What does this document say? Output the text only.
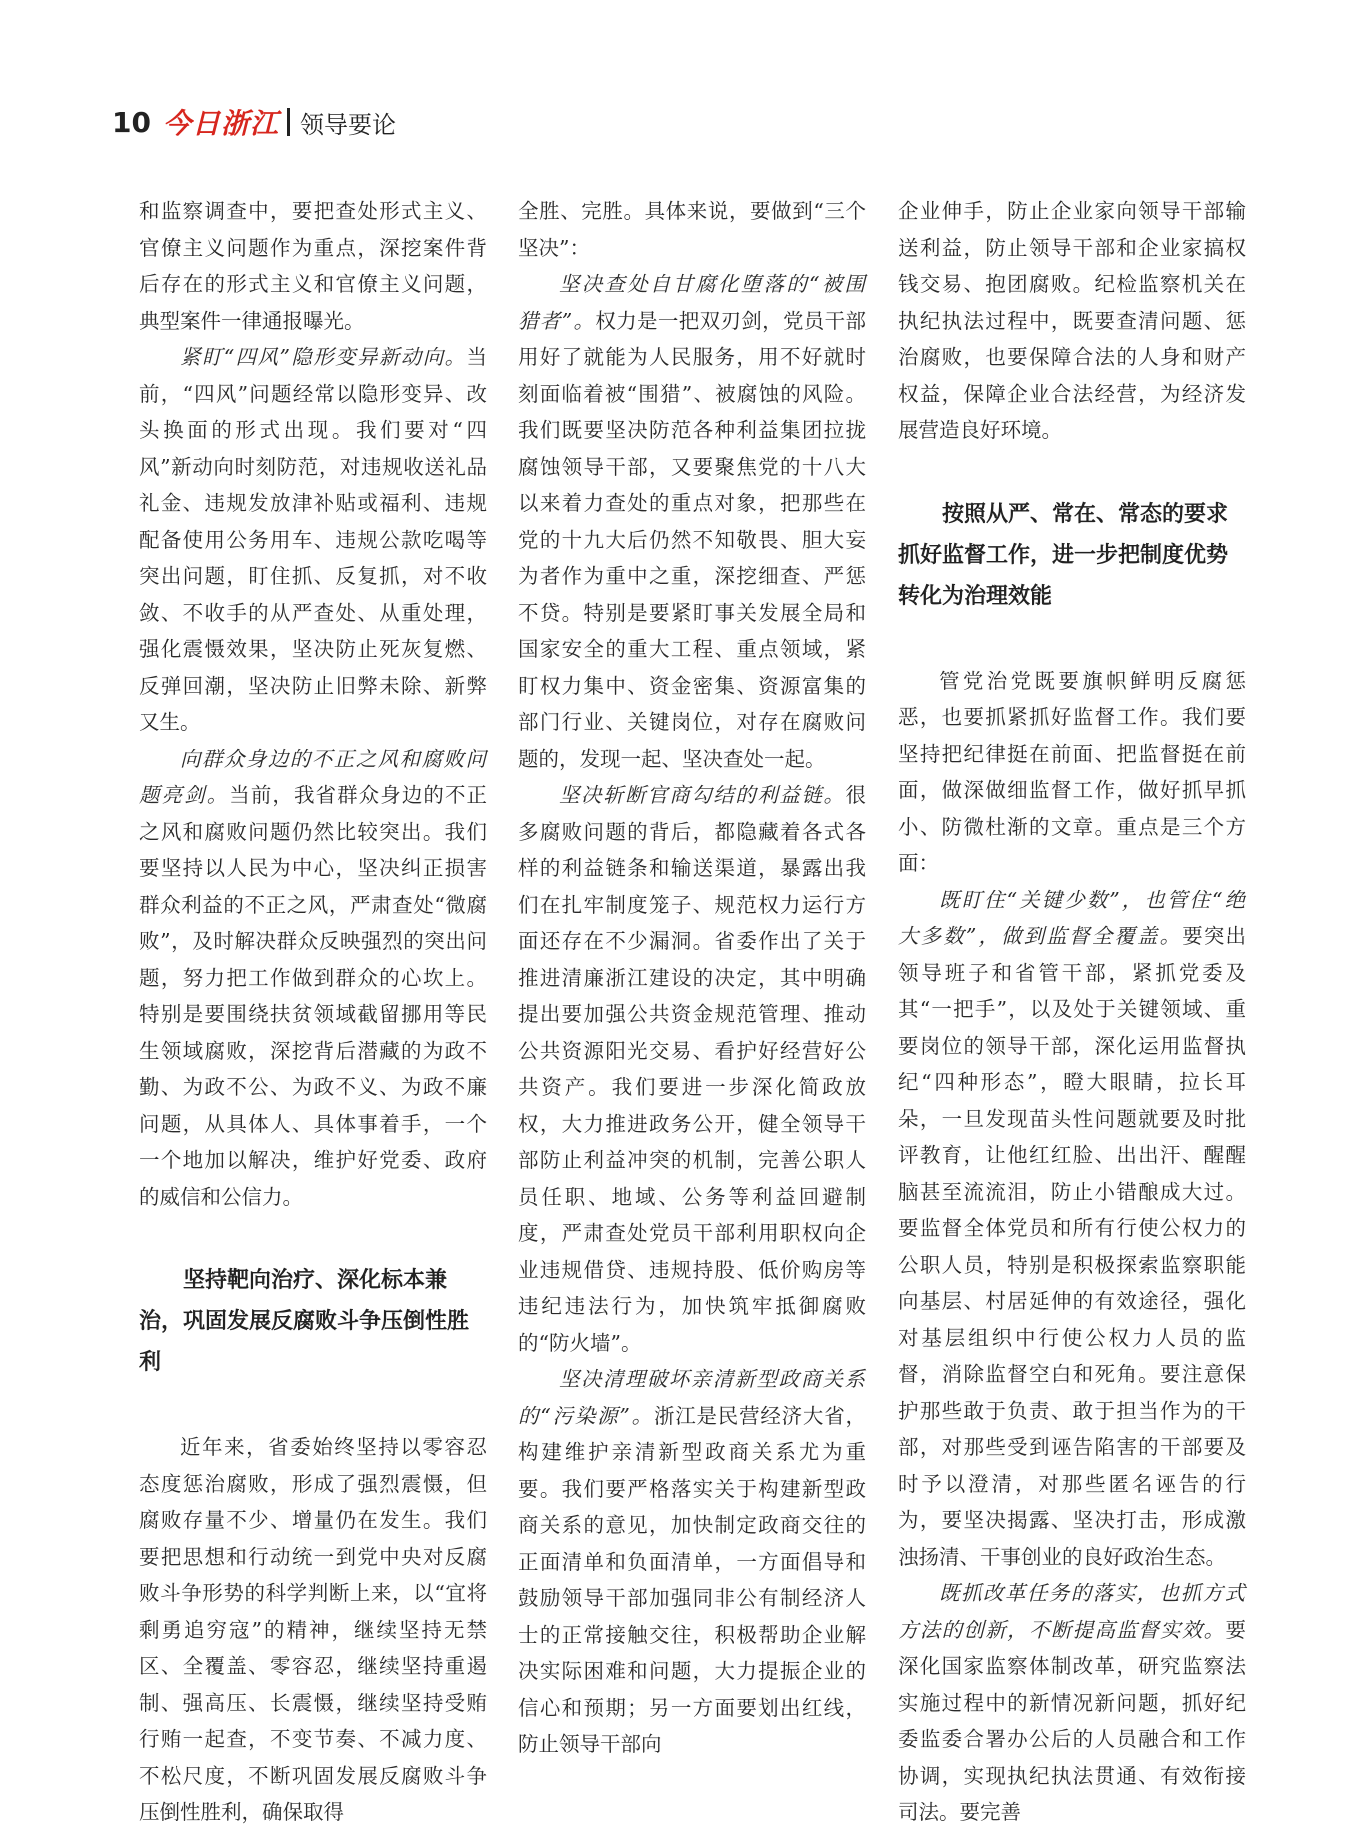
10 今日浙江 领导要论

和监察调查中，要把查处形式主义、官僚主义问题作为重点，深挖案件背后存在的形式主义和官僚主义问题，典型案件一律通报曝光。

紧盯“四风”隐形变异新动向。当前，“四风”问题经常以隐形变异、改头换面的形式出现。我们要对“四风”新动向时刻防范，对违规收送礼品礼金、违规发放津补贴或福利、违规配备使用公务用车、违规公款吃喝等突出问题，盯住抓、反复抓，对不收敛、不收手的从严查处、从重处理，强化震慑效果，坚决防止死灰复燃、反弹回潮，坚决防止旧弊未除、新弊又生。

向群众身边的不正之风和腐败问题亮剑。当前，我省群众身边的不正之风和腐败问题仍然比较突出。我们要坚持以人民为中心，坚决纠正损害群众利益的不正之风，严肃查处“微腐败”，及时解决群众反映强烈的突出问题，努力把工作做到群众的心坎上。特别是要围绕扶贫领域截留挪用等民生领域腐败，深挖背后潜藏的为政不勤、为政不公、为政不义、为政不廉问题，从具体人、具体事着手，一个一个地加以解决，维护好党委、政府的威信和公信力。

坚持靶向治疗、深化标本兼治，巩固发展反腐败斗争压倒性胜利

近年来，省委始终坚持以零容忍态度惩治腐败，形成了强烈震慑，但腐败存量不少、增量仍在发生。我们要把思想和行动统一到党中央对反腐败斗争形势的科学判断上来，以“宜将剩勇追穷寇”的精神，继续坚持无禁区、全覆盖、零容忍，继续坚持重遏制、强高压、长震慑，继续坚持受贿行贿一起查，不变节奏、不减力度、不松尺度，不断巩固发展反腐败斗争压倒性胜利，确保取得

全胜、完胜。具体来说，要做到“三个坚决”：

坚决查处自甘腐化堕落的“被围猎者”。权力是一把双刃剑，党员干部用好了就能为人民服务，用不好就时刻面临着被“围猎”、被腐蚀的风险。我们既要坚决防范各种利益集团拉拢腐蚀领导干部，又要聚焦党的十八大以来着力查处的重点对象，把那些在党的十九大后仍然不知敬畏、胆大妄为者作为重中之重，深挖细查、严惩不贷。特别是要紧盯事关发展全局和国家安全的重大工程、重点领域，紧盯权力集中、资金密集、资源富集的部门行业、关键岗位，对存在腐败问题的，发现一起、坚决查处一起。

坚决斩断官商勾结的利益链。很多腐败问题的背后，都隐藏着各式各样的利益链条和输送渠道，暴露出我们在扎牢制度笼子、规范权力运行方面还存在不少漏洞。省委作出了关于推进清廉浙江建设的决定，其中明确提出要加强公共资金规范管理、推动公共资源阳光交易、看护好经营好公共资产。我们要进一步深化简政放权，大力推进政务公开，健全领导干部防止利益冲突的机制，完善公职人员任职、地域、公务等利益回避制度，严肃查处党员干部利用职权向企业违规借贷、违规持股、低价购房等违纪违法行为，加快筑牢抵御腐败的“防火墙”。

坚决清理破坏亲清新型政商关系的“污染源”。浙江是民营经济大省，构建维护亲清新型政商关系尤为重要。我们要严格落实关于构建新型政商关系的意见，加快制定政商交往的正面清单和负面清单，一方面倡导和鼓励领导干部加强同非公有制经济人士的正常接触交往，积极帮助企业解决实际困难和问题，大力提振企业的信心和预期；另一方面要划出红线，防止领导干部向

企业伸手，防止企业家向领导干部输送利益，防止领导干部和企业家搞权钱交易、抱团腐败。纪检监察机关在执纪执法过程中，既要查清问题、惩治腐败，也要保障合法的人身和财产权益，保障企业合法经营，为经济发展营造良好环境。

按照从严、常在、常态的要求抓好监督工作，进一步把制度优势转化为治理效能

管党治党既要旗帜鲜明反腐惩恶，也要抓紧抓好监督工作。我们要坚持把纪律挺在前面、把监督挺在前面，做深做细监督工作，做好抓早抓小、防微杜渐的文章。重点是三个方面：

既盯住“关键少数”，也管住“绝大多数”，做到监督全覆盖。要突出领导班子和省管干部，紧抓党委及其“一把手”，以及处于关键领域、重要岗位的领导干部，深化运用监督执纪“四种形态”，瞪大眼睛，拉长耳朵，一旦发现苗头性问题就要及时批评教育，让他红红脸、出出汗、醒醒脑甚至流流泪，防止小错酿成大过。要监督全体党员和所有行使公权力的公职人员，特别是积极探索监察职能向基层、村居延伸的有效途径，强化对基层组织中行使公权力人员的监督，消除监督空白和死角。要注意保护那些敢于负责、敢于担当作为的干部，对那些受到诬告陷害的干部要及时予以澄清，对那些匿名诬告的行为，要坚决揭露、坚决打击，形成激浊扬清、干事创业的良好政治生态。

既抓改革任务的落实，也抓方式方法的创新，不断提高监督实效。要深化国家监察体制改革，研究监察法实施过程中的新情况新问题，抓好纪委监委合署办公后的人员融合和工作协调，实现执纪执法贯通、有效衔接司法。要完善
